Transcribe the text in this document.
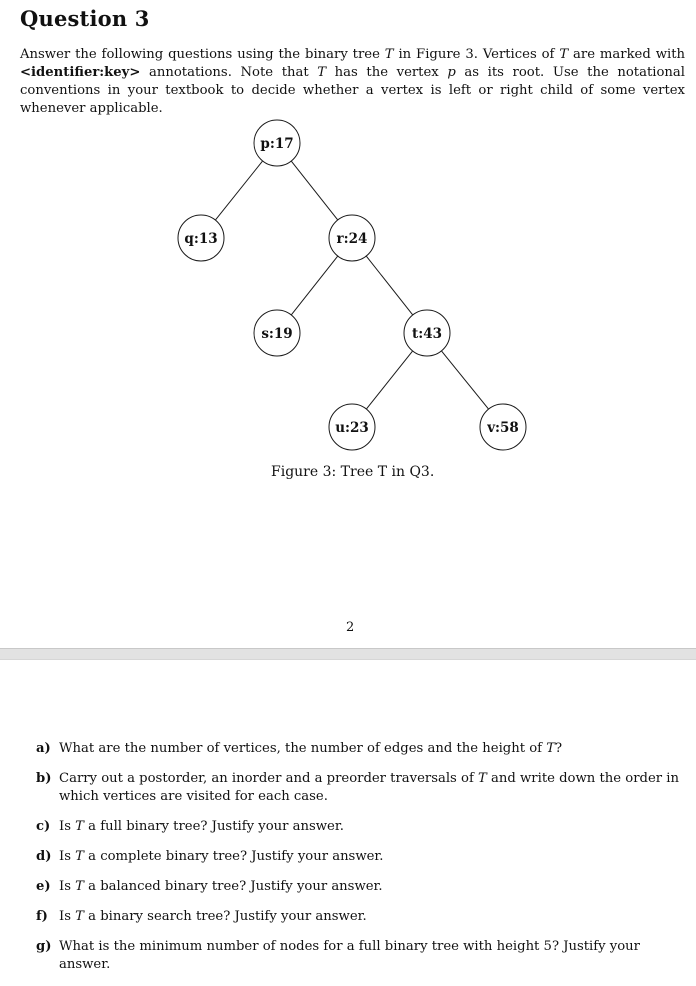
Question 3

Answer the following questions using the binary tree T in Figure 3. Vertices of T are marked with <identifier:key> annotations. Note that T has the vertex p as its root. Use the notational conventions in your textbook to decide whether a vertex is left or right child of some vertex whenever applicable.

p:17
q:13	r:24
s:19	t:43
u:23	v:58

Figure 3: Tree T in Q3.

2

a) What are the number of vertices, the number of edges and the height of T?
b) Carry out a postorder, an inorder and a preorder traversals of T and write down the order in which vertices are visited for each case.
c) Is T a full binary tree? Justify your answer.
d) Is T a complete binary tree? Justify your answer.
e) Is T a balanced binary tree? Justify your answer.
f) Is T a binary search tree? Justify your answer.
g) What is the minimum number of nodes for a full binary tree with height 5? Justify your answer.
